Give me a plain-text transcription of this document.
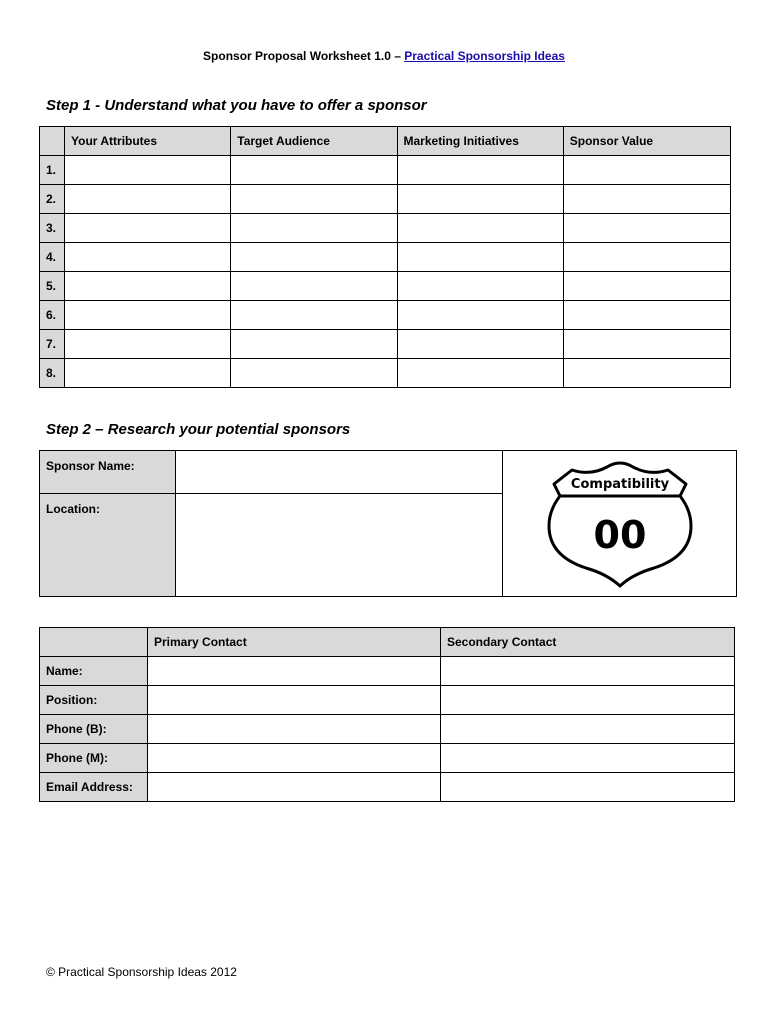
Sponsor Proposal Worksheet 1.0 – Practical Sponsorship Ideas
Step 1 - Understand what you have to offer a sponsor
	Your Attributes	Target Audience	Marketing Initiatives	Sponsor Value
1.				
2.				
3.				
4.				
5.				
6.				
7.				
8.				
Step 2 – Research your potential sponsors
Sponsor Name:		Compatibility
00

Location:		
	Primary Contact	Secondary Contact
Name:		
Position:		
Phone (B):		
Phone (M):		
Email Address:		
© Practical Sponsorship Ideas 2012
